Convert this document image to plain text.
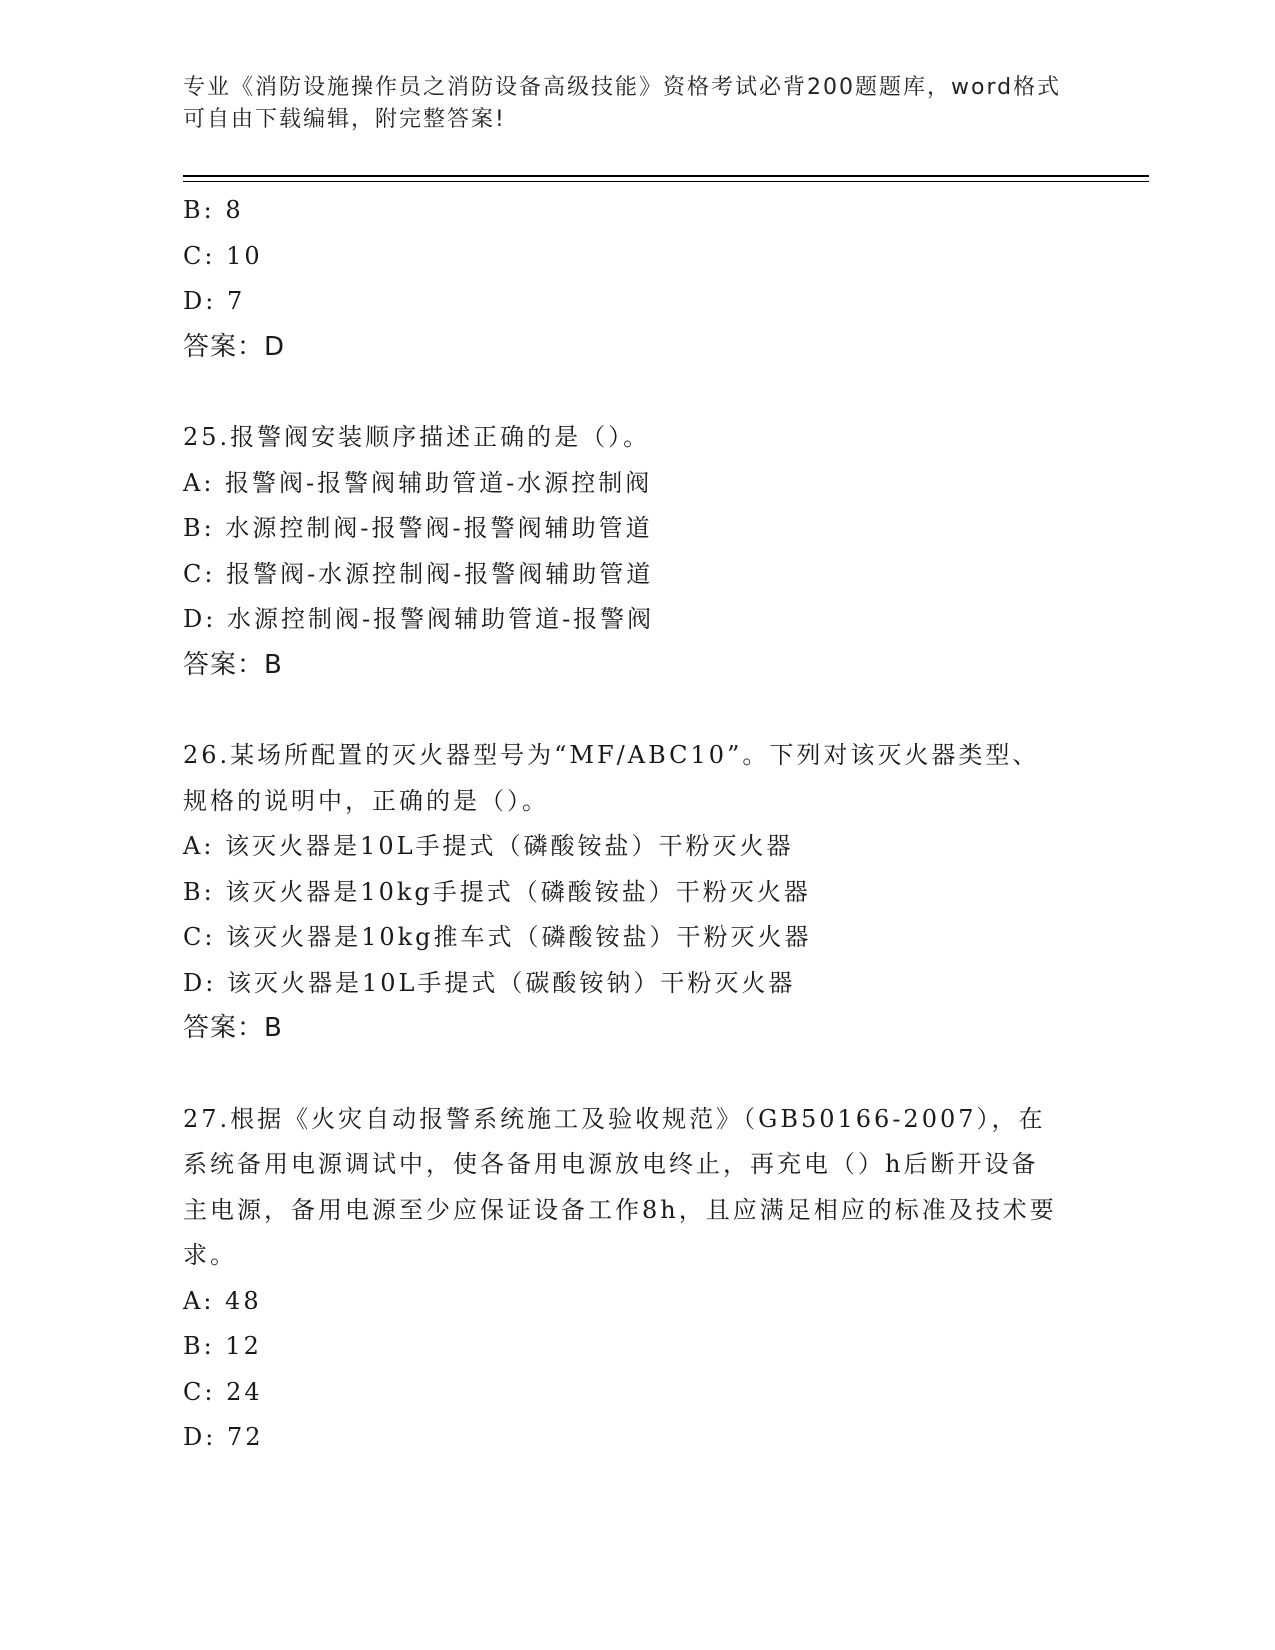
专业《消防设施操作员之消防设备高级技能》资格考试必背200题题库，word格式可自由下载编辑，附完整答案!
B: 8
C: 10
D: 7
答案：D
25.报警阀安装顺序描述正确的是（）。
A: 报警阀-报警阀辅助管道-水源控制阀
B: 水源控制阀-报警阀-报警阀辅助管道
C: 报警阀-水源控制阀-报警阀辅助管道
D: 水源控制阀-报警阀辅助管道-报警阀
答案：B
26.某场所配置的灭火器型号为“MF/ABC10”。下列对该灭火器类型、规格的说明中，正确的是（）。
A: 该灭火器是10L手提式（磷酸铵盐）干粉灭火器
B: 该灭火器是10kg手提式（磷酸铵盐）干粉灭火器
C: 该灭火器是10kg推车式（磷酸铵盐）干粉灭火器
D: 该灭火器是10L手提式（碳酸铵钠）干粉灭火器
答案：B
27.根据《火灾自动报警系统施工及验收规范》（GB50166-2007），在系统备用电源调试中，使各备用电源放电终止，再充电（）h后断开设备主电源，备用电源至少应保证设备工作8h，且应满足相应的标准及技术要求。
A: 48
B: 12
C: 24
D: 72
